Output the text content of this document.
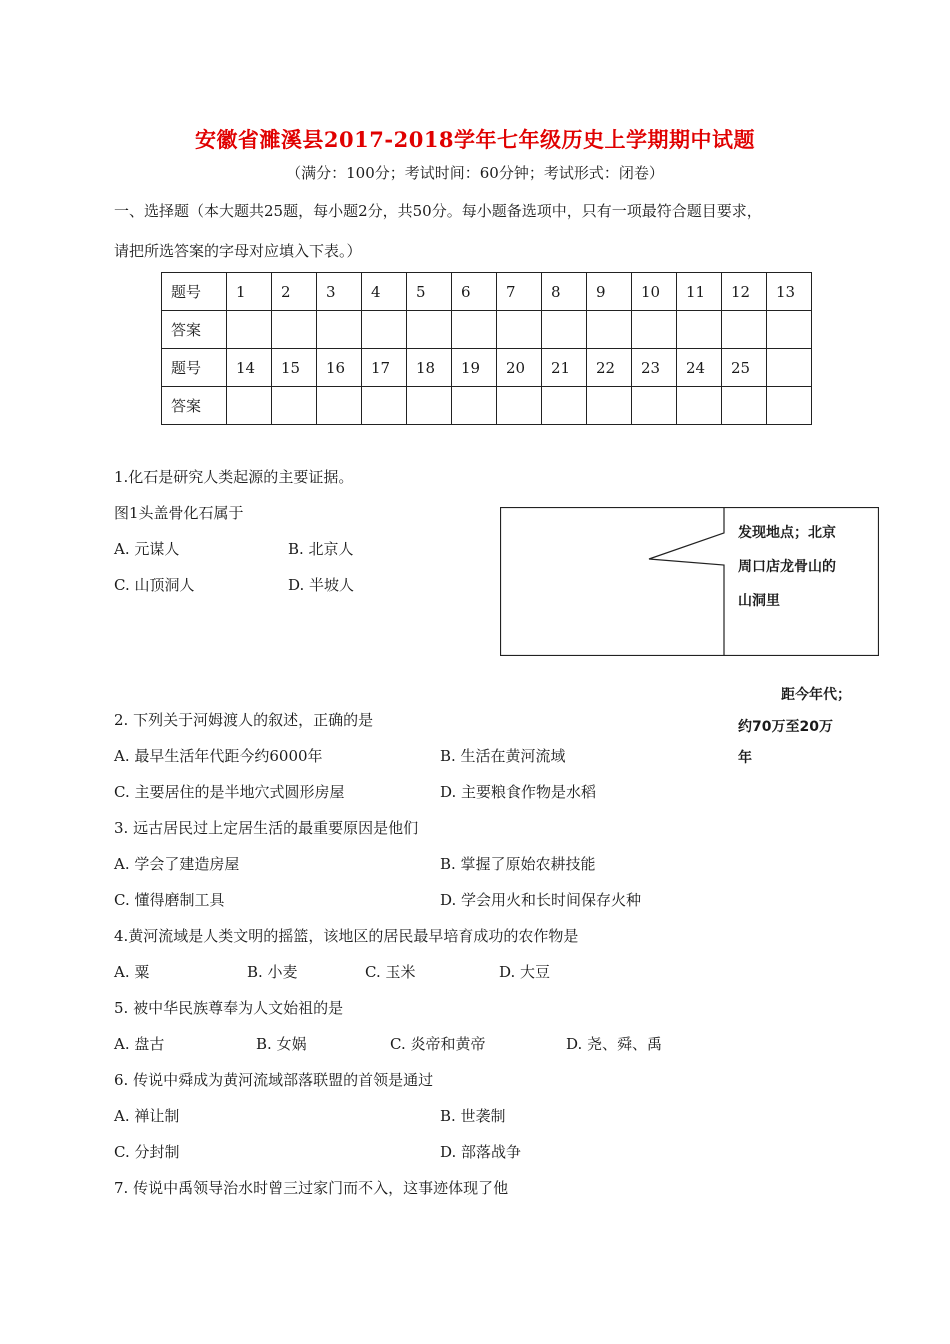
安徽省濉溪县2017-2018学年七年级历史上学期期中试题
（满分：100分；考试时间：60分钟；考试形式：闭卷）
一、选择题（本大题共25题，每小题2分，共50分。每小题备选项中，只有一项最符合题目要求，
请把所选答案的字母对应填入下表。）
题号	1	2	3	4	5	6	7	8	9	10	11	12	13
答案													
题号	14	15	16	17	18	19	20	21	22	23	24	25	
答案													
1.化石是研究人类起源的主要证据。
图1头盖骨化石属于
A. 元谋人	B. 北京人
C. 山顶洞人	D. 半坡人
发现地点；北京
周口店龙骨山的
山洞里
距今年代；
约70万至20万
年
2. 下列关于河姆渡人的叙述，正确的是
A. 最早生活年代距今约6000年	B. 生活在黄河流域
C. 主要居住的是半地穴式圆形房屋	D. 主要粮食作物是水稻
3. 远古居民过上定居生活的最重要原因是他们
A. 学会了建造房屋	B. 掌握了原始农耕技能
C. 懂得磨制工具	D. 学会用火和长时间保存火种
4.黄河流域是人类文明的摇篮，该地区的居民最早培育成功的农作物是
A. 粟	B. 小麦	C. 玉米	D. 大豆
5. 被中华民族尊奉为人文始祖的是
A. 盘古	B. 女娲	C. 炎帝和黄帝	D. 尧、舜、禹
6. 传说中舜成为黄河流域部落联盟的首领是通过
A. 禅让制	B. 世袭制
C. 分封制	D. 部落战争
7. 传说中禹领导治水时曾三过家门而不入，这事迹体现了他
